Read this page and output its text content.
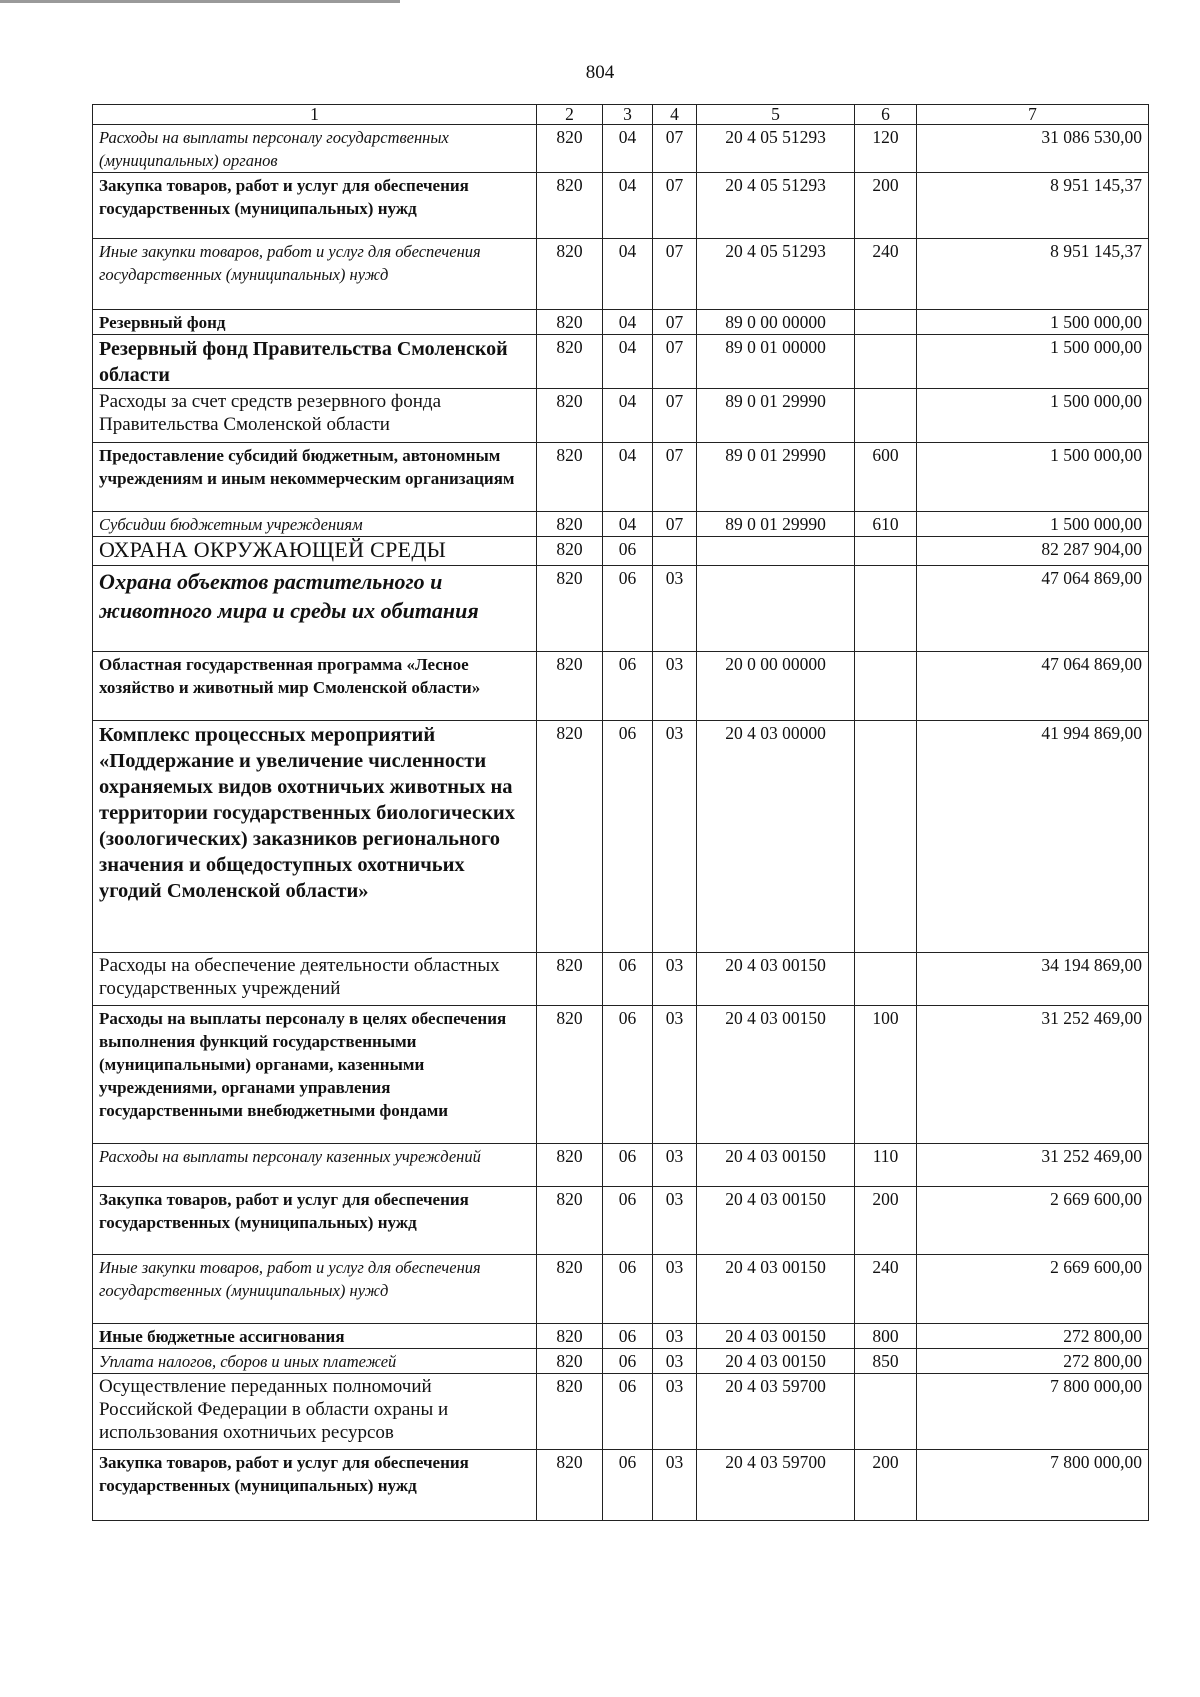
804
1	2	3	4	5	6	7
Расходы на выплаты персоналу государственных (муниципальных) органов	820	04	07	20 4 05 51293	120	31 086 530,00
Закупка товаров, работ и услуг для обеспечения государственных (муниципальных) нужд	820	04	07	20 4 05 51293	200	8 951 145,37
Иные закупки товаров, работ и услуг для обеспечения государственных (муниципальных) нужд	820	04	07	20 4 05 51293	240	8 951 145,37
Резервный фонд	820	04	07	89 0 00 00000		1 500 000,00
Резервный фонд Правительства Смоленской области	820	04	07	89 0 01 00000		1 500 000,00
Расходы за счет средств резервного фонда Правительства Смоленской области	820	04	07	89 0 01 29990		1 500 000,00
Предоставление субсидий бюджетным, автономным учреждениям и иным некоммерческим организациям	820	04	07	89 0 01 29990	600	1 500 000,00
Субсидии бюджетным учреждениям	820	04	07	89 0 01 29990	610	1 500 000,00
ОХРАНА ОКРУЖАЮЩЕЙ СРЕДЫ	820	06				82 287 904,00
Охрана объектов растительного и животного мира и среды их обитания	820	06	03			47 064 869,00
Областная государственная программа «Лесное хозяйство и животный мир Смоленской области»	820	06	03	20 0 00 00000		47 064 869,00
Комплекс процессных мероприятий «Поддержание и увеличение численности охраняемых видов охотничьих животных на территории государственных биологических (зоологических) заказников регионального значения и общедоступных охотничьих угодий Смоленской области»	820	06	03	20 4 03 00000		41 994 869,00
Расходы на обеспечение деятельности областных государственных учреждений	820	06	03	20 4 03 00150		34 194 869,00
Расходы на выплаты персоналу в целях обеспечения выполнения функций государственными (муниципальными) органами, казенными учреждениями, органами управления государственными внебюджетными фондами	820	06	03	20 4 03 00150	100	31 252 469,00
Расходы на выплаты персоналу казенных учреждений	820	06	03	20 4 03 00150	110	31 252 469,00
Закупка товаров, работ и услуг для обеспечения государственных (муниципальных) нужд	820	06	03	20 4 03 00150	200	2 669 600,00
Иные закупки товаров, работ и услуг для обеспечения государственных (муниципальных) нужд	820	06	03	20 4 03 00150	240	2 669 600,00
Иные бюджетные ассигнования	820	06	03	20 4 03 00150	800	272 800,00
Уплата налогов, сборов и иных платежей	820	06	03	20 4 03 00150	850	272 800,00
Осуществление переданных полномочий Российской Федерации в области охраны и использования охотничьих ресурсов	820	06	03	20 4 03 59700		7 800 000,00
Закупка товаров, работ и услуг для обеспечения государственных (муниципальных) нужд	820	06	03	20 4 03 59700	200	7 800 000,00
